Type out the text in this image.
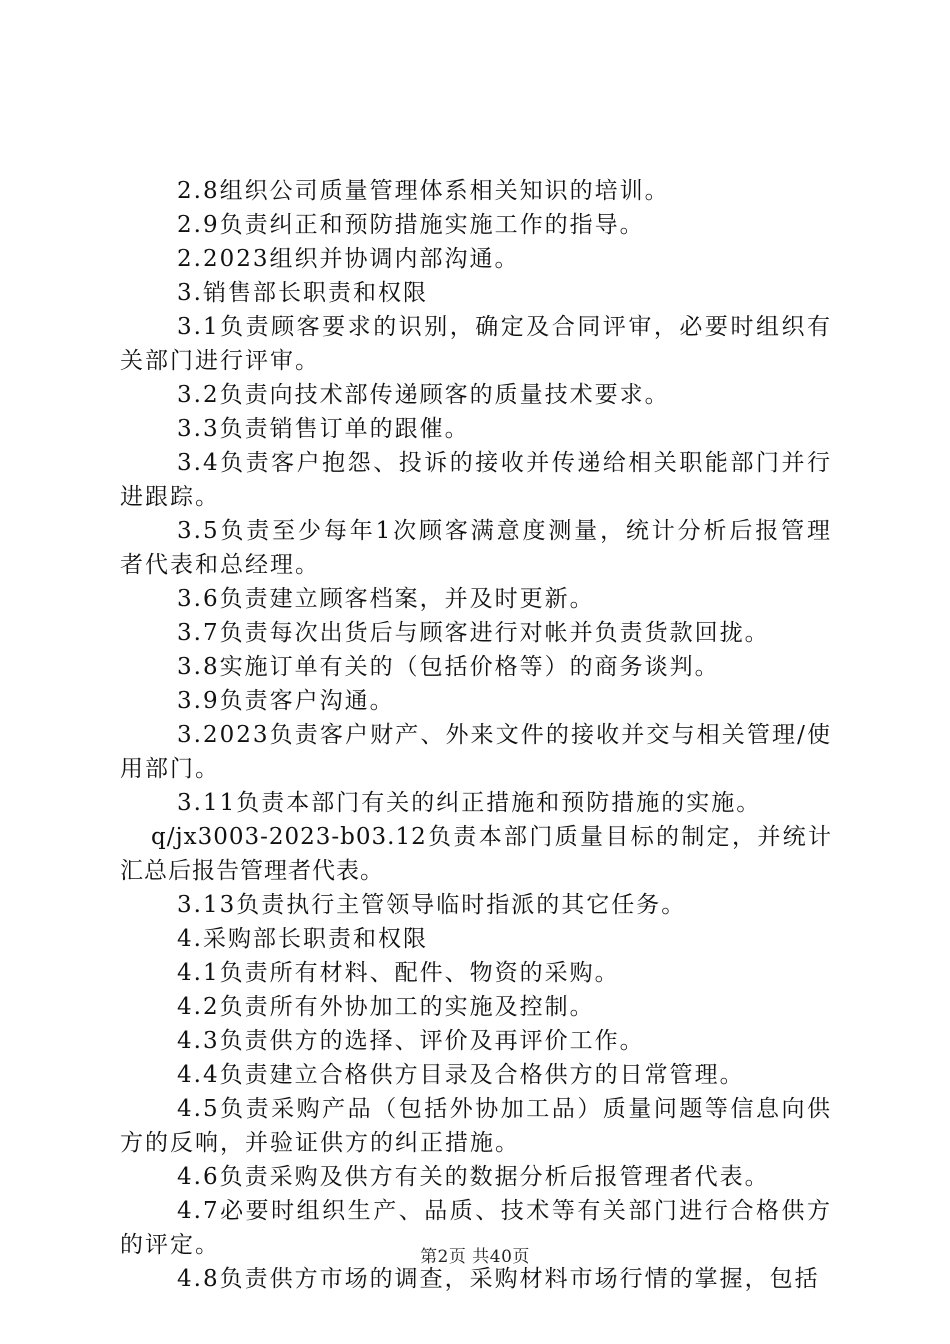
2.8组织公司质量管理体系相关知识的培训。

2.9负责纠正和预防措施实施工作的指导。

2.2023组织并协调内部沟通。

3.销售部长职责和权限

3.1负责顾客要求的识别，确定及合同评审，必要时组织有关部门进行评审。

3.2负责向技术部传递顾客的质量技术要求。

3.3负责销售订单的跟催。

3.4负责客户抱怨、投诉的接收并传递给相关职能部门并行进跟踪。

3.5负责至少每年1次顾客满意度测量，统计分析后报管理者代表和总经理。

3.6负责建立顾客档案，并及时更新。

3.7负责每次出货后与顾客进行对帐并负责货款回拢。

3.8实施订单有关的（包括价格等）的商务谈判。

3.9负责客户沟通。

3.2023负责客户财产、外来文件的接收并交与相关管理/使用部门。

3.11负责本部门有关的纠正措施和预防措施的实施。

q/jx3003-2023-b03.12负责本部门质量目标的制定，并统计汇总后报告管理者代表。

3.13负责执行主管领导临时指派的其它任务。

4.采购部长职责和权限

4.1负责所有材料、配件、物资的采购。

4.2负责所有外协加工的实施及控制。

4.3负责供方的选择、评价及再评价工作。

4.4负责建立合格供方目录及合格供方的日常管理。

4.5负责采购产品（包括外协加工品）质量问题等信息向供方的反响，并验证供方的纠正措施。

4.6负责采购及供方有关的数据分析后报管理者代表。

4.7必要时组织生产、品质、技术等有关部门进行合格供方的评定。

4.8负责供方市场的调查，采购材料市场行情的掌握，包括

第2页 共40页
